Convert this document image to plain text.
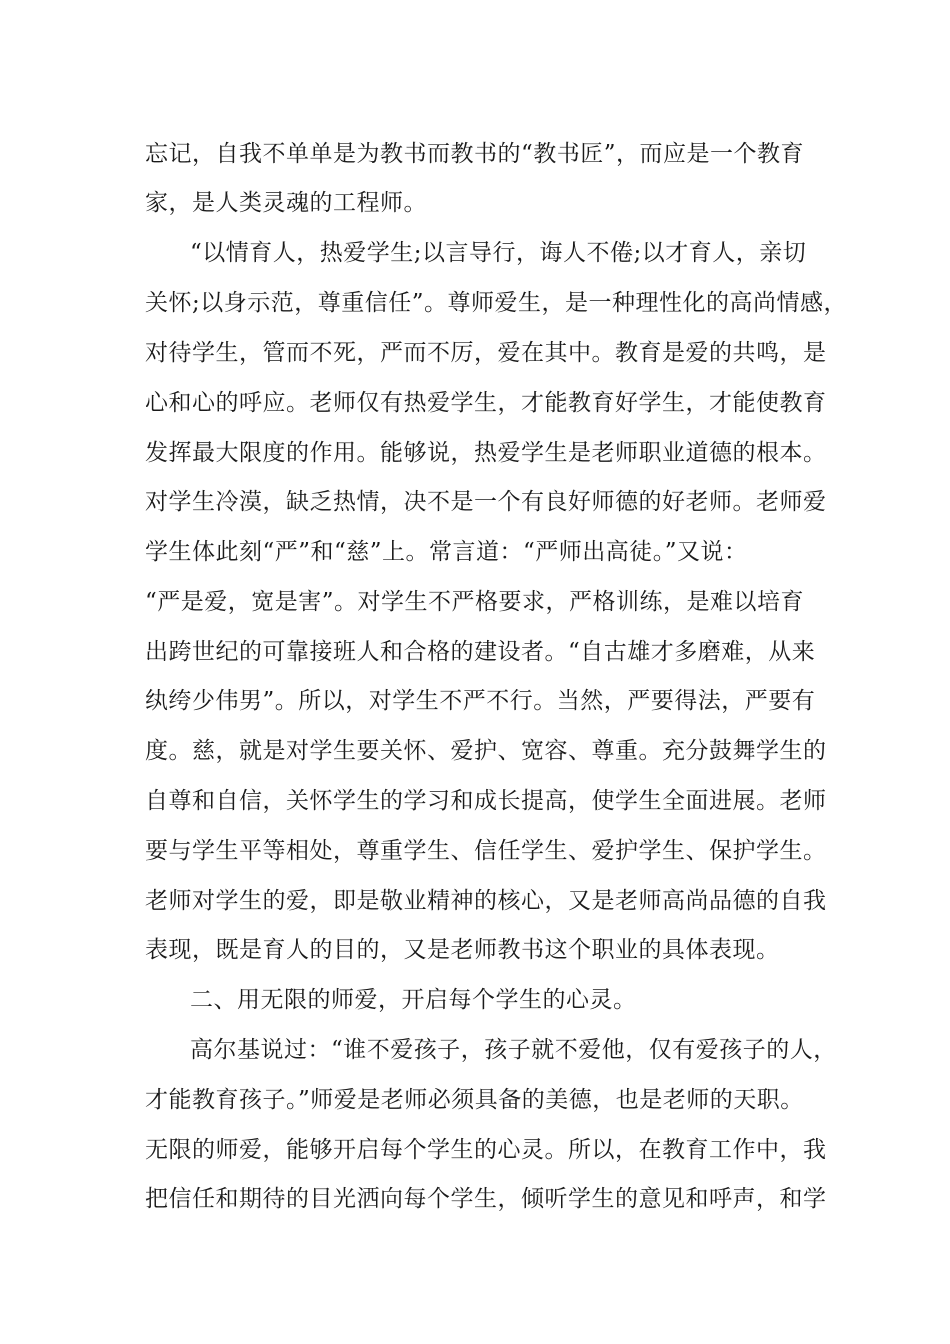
忘记，自我不单单是为教书而教书的“教书匠”，而应是一个教育
家，是人类灵魂的工程师。
“以情育人，热爱学生;以言导行，诲人不倦;以才育人，亲切
关怀;以身示范，尊重信任”。尊师爱生，是一种理性化的高尚情感，
对待学生，管而不死，严而不厉，爱在其中。教育是爱的共鸣，是
心和心的呼应。老师仅有热爱学生，才能教育好学生，才能使教育
发挥最大限度的作用。能够说，热爱学生是老师职业道德的根本。
对学生冷漠，缺乏热情，决不是一个有良好师德的好老师。老师爱
学生体此刻“严”和“慈”上。常言道：“严师出高徒。”又说：
“严是爱，宽是害”。对学生不严格要求，严格训练，是难以培育
出跨世纪的可靠接班人和合格的建设者。“自古雄才多磨难，从来
纨绔少伟男”。所以，对学生不严不行。当然，严要得法，严要有
度。慈，就是对学生要关怀、爱护、宽容、尊重。充分鼓舞学生的
自尊和自信，关怀学生的学习和成长提高，使学生全面进展。老师
要与学生平等相处，尊重学生、信任学生、爱护学生、保护学生。
老师对学生的爱，即是敬业精神的核心，又是老师高尚品德的自我
表现，既是育人的目的，又是老师教书这个职业的具体表现。
二、用无限的师爱，开启每个学生的心灵。
高尔基说过：“谁不爱孩子，孩子就不爱他，仅有爱孩子的人，
才能教育孩子。”师爱是老师必须具备的美德，也是老师的天职。
无限的师爱，能够开启每个学生的心灵。所以，在教育工作中，我
把信任和期待的目光洒向每个学生，倾听学生的意见和呼声，和学
